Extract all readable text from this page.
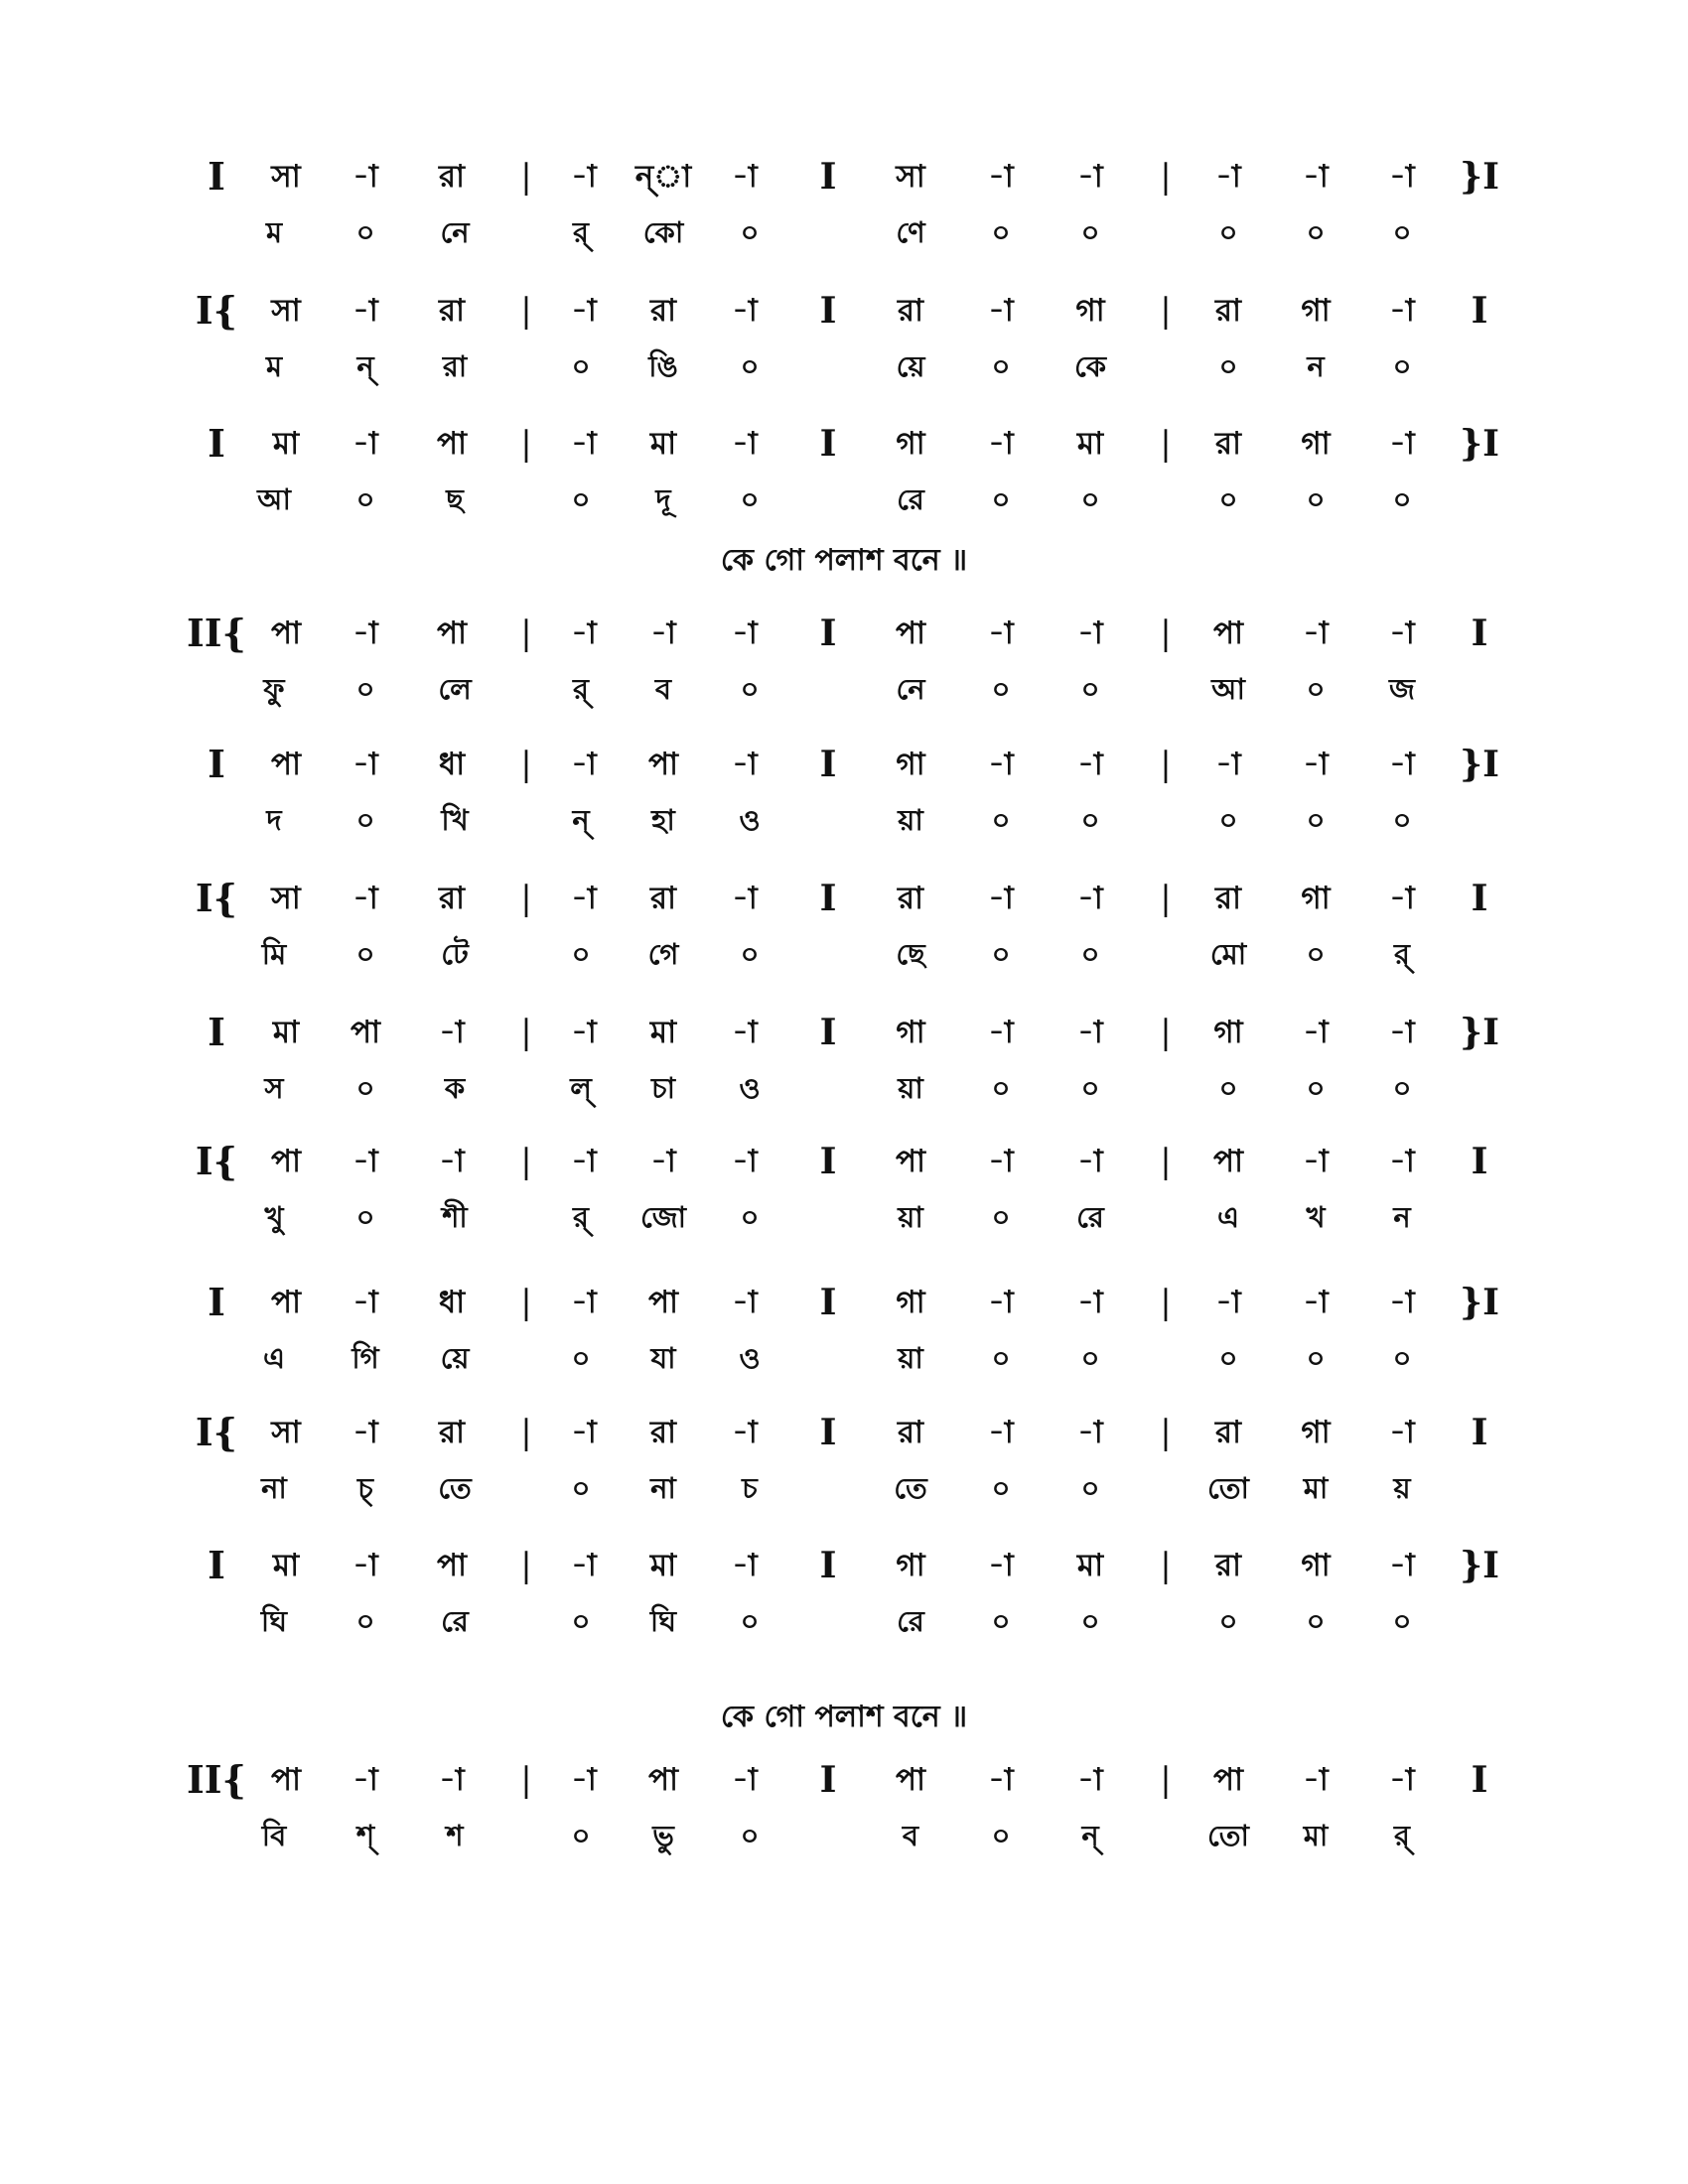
I	সা	-া	রা	|	-া	ন্া	-া	I	সা	-া	-া	|	-া	-া	-া	}I
ম	০	নে	র্	কো	০	ণে	০	০	০	০	০
I{	সা	-া	রা	|	-া	রা	-া	I	রা	-া	গা	|	রা	গা	-া	I
ম	ন্	রা	০	ঙি	০	য়ে	০	কে	০	ন	০
I	মা	-া	পা	|	-া	মা	-া	I	গা	-া	মা	|	রা	গা	-া	}I
আ	০	ছ	০	দূ	০	রে	০	০	০	০	০
কে গো পলাশ বনে ॥
II{ পা	-া	পা	|	-া	-া	-া	I	পা	-া	-া	|	পা	-া	-া	I
ফু	০	লে	র্	ব	০	নে	০	০	আ	০	জ
I	পা	-া	ধা	|	-া	পা	-া	I	গা	-া	-া	|	-া	-া	-া	}I
দ	০	খি	ন্	হা	ও	য়া	০	০	০	০	০
I{	সা	-া	রা	|	-া	রা	-া	I	রা	-া	-া	|	রা	গা	-া	I
মি	০	টে	০	গে	০	ছে	০	০	মো	০	র্
I	মা	পা	-া	|	-া	মা	-া	I	গা	-া	-া	|	গা	-া	-া	}I
স	০	ক	ল্	চা	ও	য়া	০	০	০	০	০
I{	পা	-া	-া	|	-া	-া	-া	I	পা	-া	-া	|	পা	-া	-া	I
খু	০	শী	র্	জো	০	য়া	০	রে	এ	খ	ন
I	পা	-া	ধা	|	-া	পা	-া	I	গা	-া	-া	|	-া	-া	-া	}I
এ	গি	য়ে	০	যা	ও	য়া	০	০	০	০	০
I{	সা	-া	রা	|	-া	রা	-া	I	রা	-া	-া	|	রা	গা	-া	I
না	চ্	তে	০	না	চ	তে	০	০	তো	মা	য়
I	মা	-া	পা	|	-া	মা	-া	I	গা	-া	মা	|	রা	গা	-া	}I
ঘি	০	রে	০	ঘি	০	রে	০	০	০	০	০
কে গো পলাশ বনে ॥
II{ পা	-া	-া	|	-া	পা	-া	I	পা	-া	-া	|	পা	-া	-া	I
বি	শ্	শ	০	ভু	০	ব	০	ন্	তো	মা	র্
